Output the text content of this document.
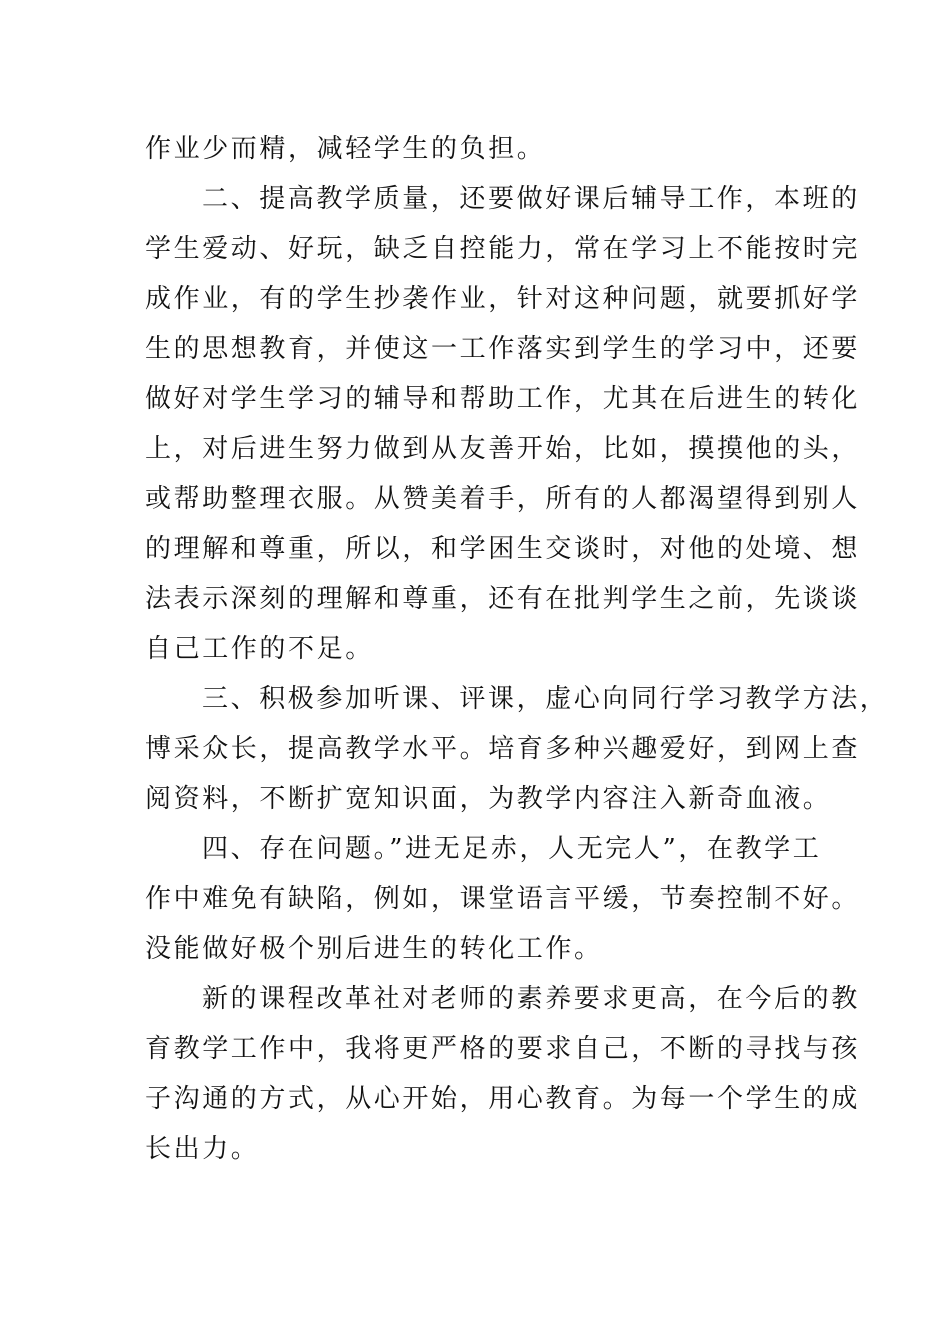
作业少而精，减轻学生的负担。
二、提高教学质量，还要做好课后辅导工作，本班的
学生爱动、好玩，缺乏自控能力，常在学习上不能按时完
成作业，有的学生抄袭作业，针对这种问题，就要抓好学
生的思想教育，并使这一工作落实到学生的学习中，还要
做好对学生学习的辅导和帮助工作，尤其在后进生的转化
上，对后进生努力做到从友善开始，比如，摸摸他的头，
或帮助整理衣服。从赞美着手，所有的人都渴望得到别人
的理解和尊重，所以，和学困生交谈时，对他的处境、想
法表示深刻的理解和尊重，还有在批判学生之前，先谈谈
自己工作的不足。
三、积极参加听课、评课，虚心向同行学习教学方法，
博采众长，提高教学水平。培育多种兴趣爱好，到网上查
阅资料，不断扩宽知识面，为教学内容注入新奇血液。
四、存在问题。”进无足赤，人无完人”，在教学工
作中难免有缺陷，例如，课堂语言平缓，节奏控制不好。
没能做好极个别后进生的转化工作。
新的课程改革社对老师的素养要求更高，在今后的教
育教学工作中，我将更严格的要求自己，不断的寻找与孩
子沟通的方式，从心开始，用心教育。为每一个学生的成
长出力。
